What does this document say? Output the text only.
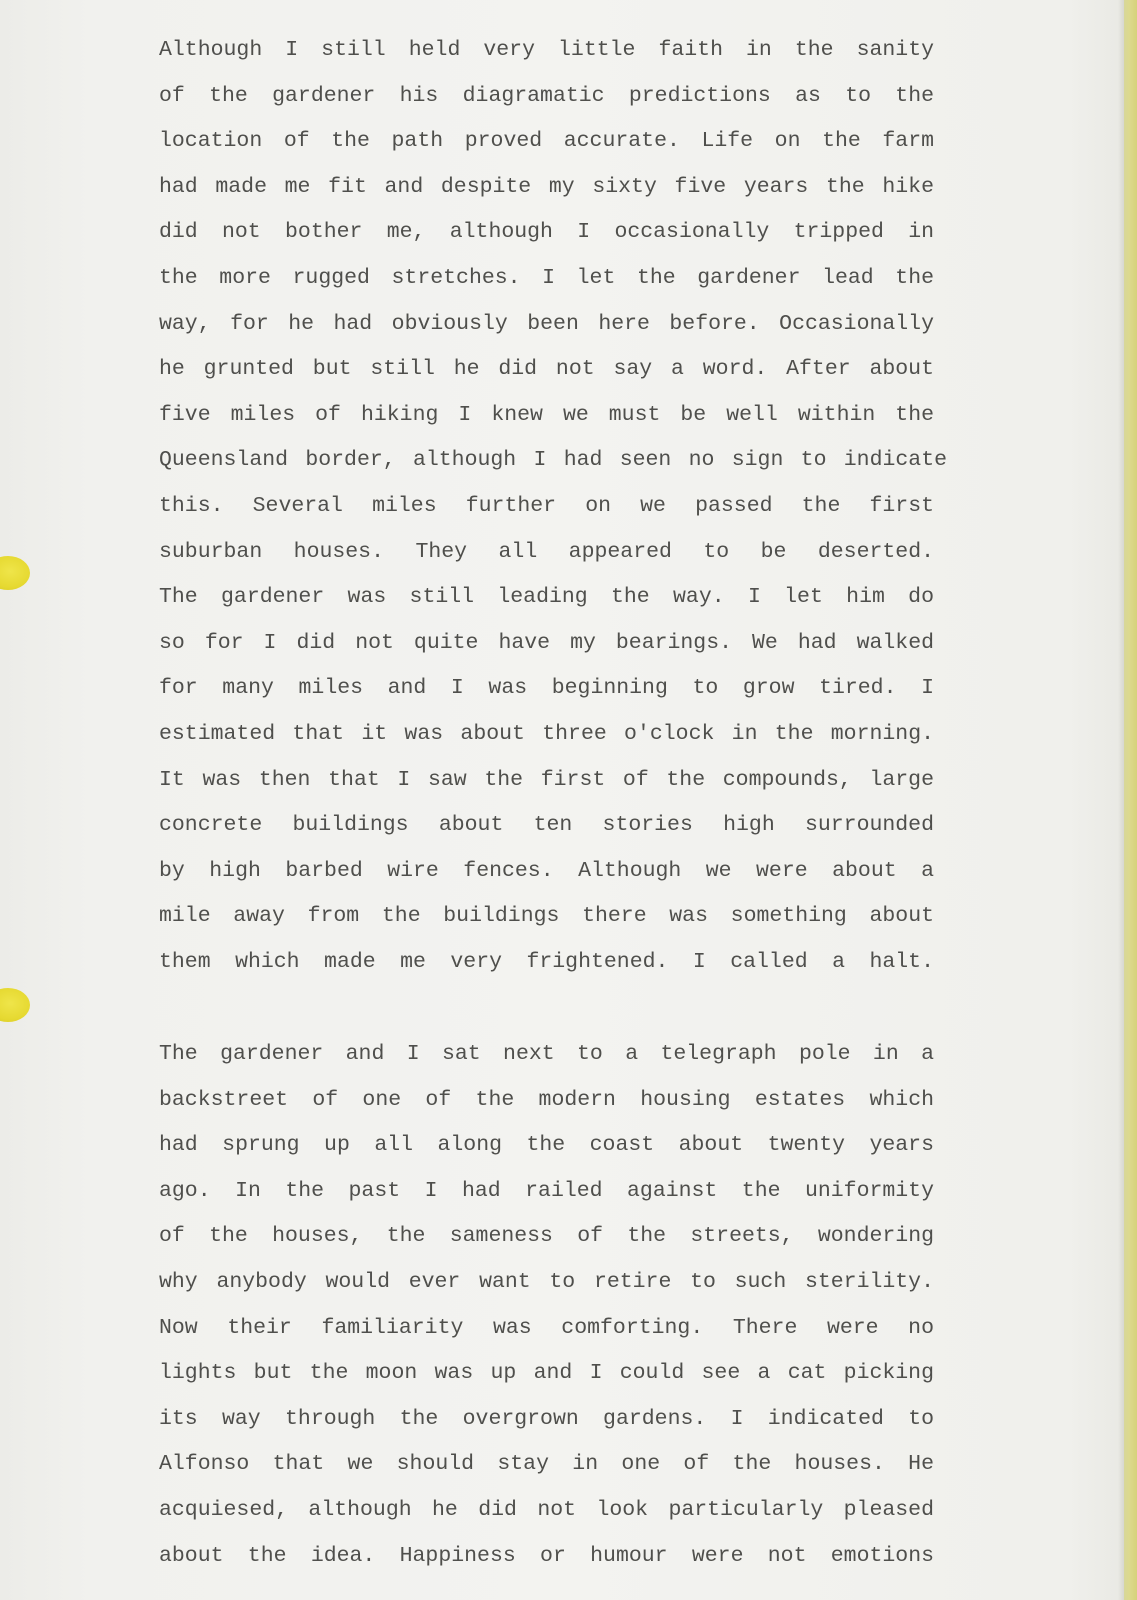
Although I still held very little faith in the sanity
of the gardener his diagramatic predictions as to the
location of the path proved accurate. Life on the farm
had made me fit and despite my sixty five years the hike
did not bother me, although I occasionally tripped in
the more rugged stretches. I let the gardener lead the
way, for he had obviously been here before. Occasionally
he grunted but still he did not say a word. After about
five miles of hiking I knew we must be well within the
Queensland border, although I had seen no sign to indicate
this. Several miles further on we passed the first
suburban houses. They all appeared to be deserted.
The gardener was still leading the way. I let him do
so for I did not quite have my bearings. We had walked
for many miles and I was beginning to grow tired. I
estimated that it was about three o'clock in the morning.
It was then that I saw the first of the compounds, large
concrete buildings about ten stories high surrounded
by high barbed wire fences. Although we were about a
mile away from the buildings there was something about
them which made me very frightened. I called a halt.
The gardener and I sat next to a telegraph pole in a
backstreet of one of the modern housing estates which
had sprung up all along the coast about twenty years
ago. In the past I had railed against the uniformity
of the houses, the sameness of the streets, wondering
why anybody would ever want to retire to such sterility.
Now their familiarity was comforting. There were no
lights but the moon was up and I could see a cat picking
its way through the overgrown gardens. I indicated to
Alfonso that we should stay in one of the houses. He
acquiesed, although he did not look particularly pleased
about the idea. Happiness or humour were not emotions
